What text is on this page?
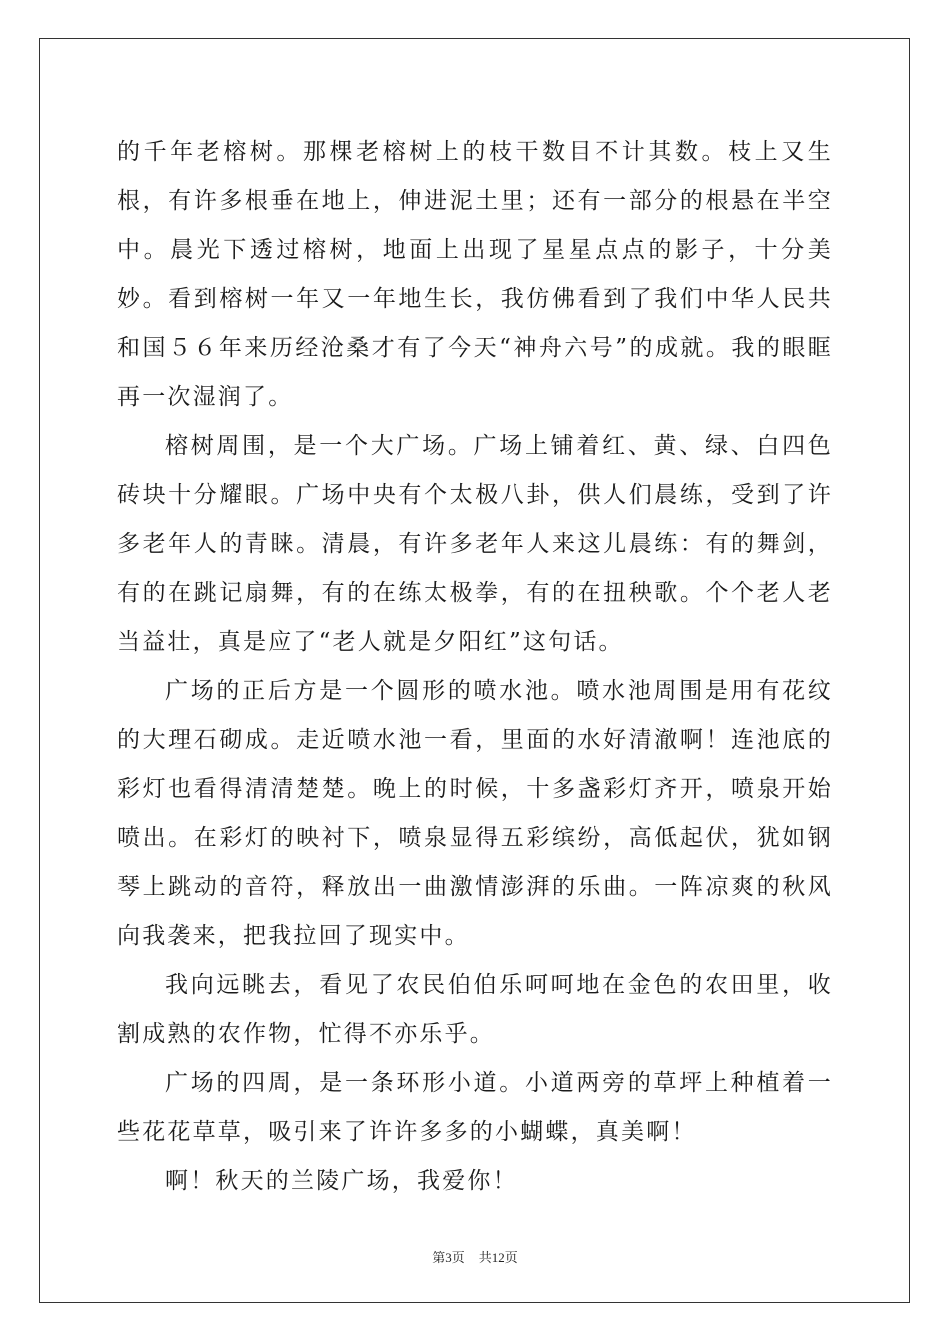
的千年老榕树。那棵老榕树上的枝干数目不计其数。枝上又生根，有许多根垂在地上，伸进泥土里；还有一部分的根悬在半空中。晨光下透过榕树，地面上出现了星星点点的影子，十分美妙。看到榕树一年又一年地生长，我仿佛看到了我们中华人民共和国５６年来历经沧桑才有了今天“神舟六号”的成就。我的眼眶再一次湿润了。

榕树周围，是一个大广场。广场上铺着红、黄、绿、白四色砖块十分耀眼。广场中央有个太极八卦，供人们晨练，受到了许多老年人的青睐。清晨，有许多老年人来这儿晨练：有的舞剑，有的在跳记扇舞，有的在练太极拳，有的在扭秧歌。个个老人老当益壮，真是应了“老人就是夕阳红”这句话。

广场的正后方是一个圆形的喷水池。喷水池周围是用有花纹的大理石砌成。走近喷水池一看，里面的水好清澈啊！连池底的彩灯也看得清清楚楚。晚上的时候，十多盏彩灯齐开，喷泉开始喷出。在彩灯的映衬下，喷泉显得五彩缤纷，高低起伏，犹如钢琴上跳动的音符，释放出一曲激情澎湃的乐曲。一阵凉爽的秋风向我袭来，把我拉回了现实中。

我向远眺去，看见了农民伯伯乐呵呵地在金色的农田里，收割成熟的农作物，忙得不亦乐乎。

广场的四周，是一条环形小道。小道两旁的草坪上种植着一些花花草草，吸引来了许许多多的小蝴蝶，真美啊！

啊！秋天的兰陵广场，我爱你！

第3页 共12页
